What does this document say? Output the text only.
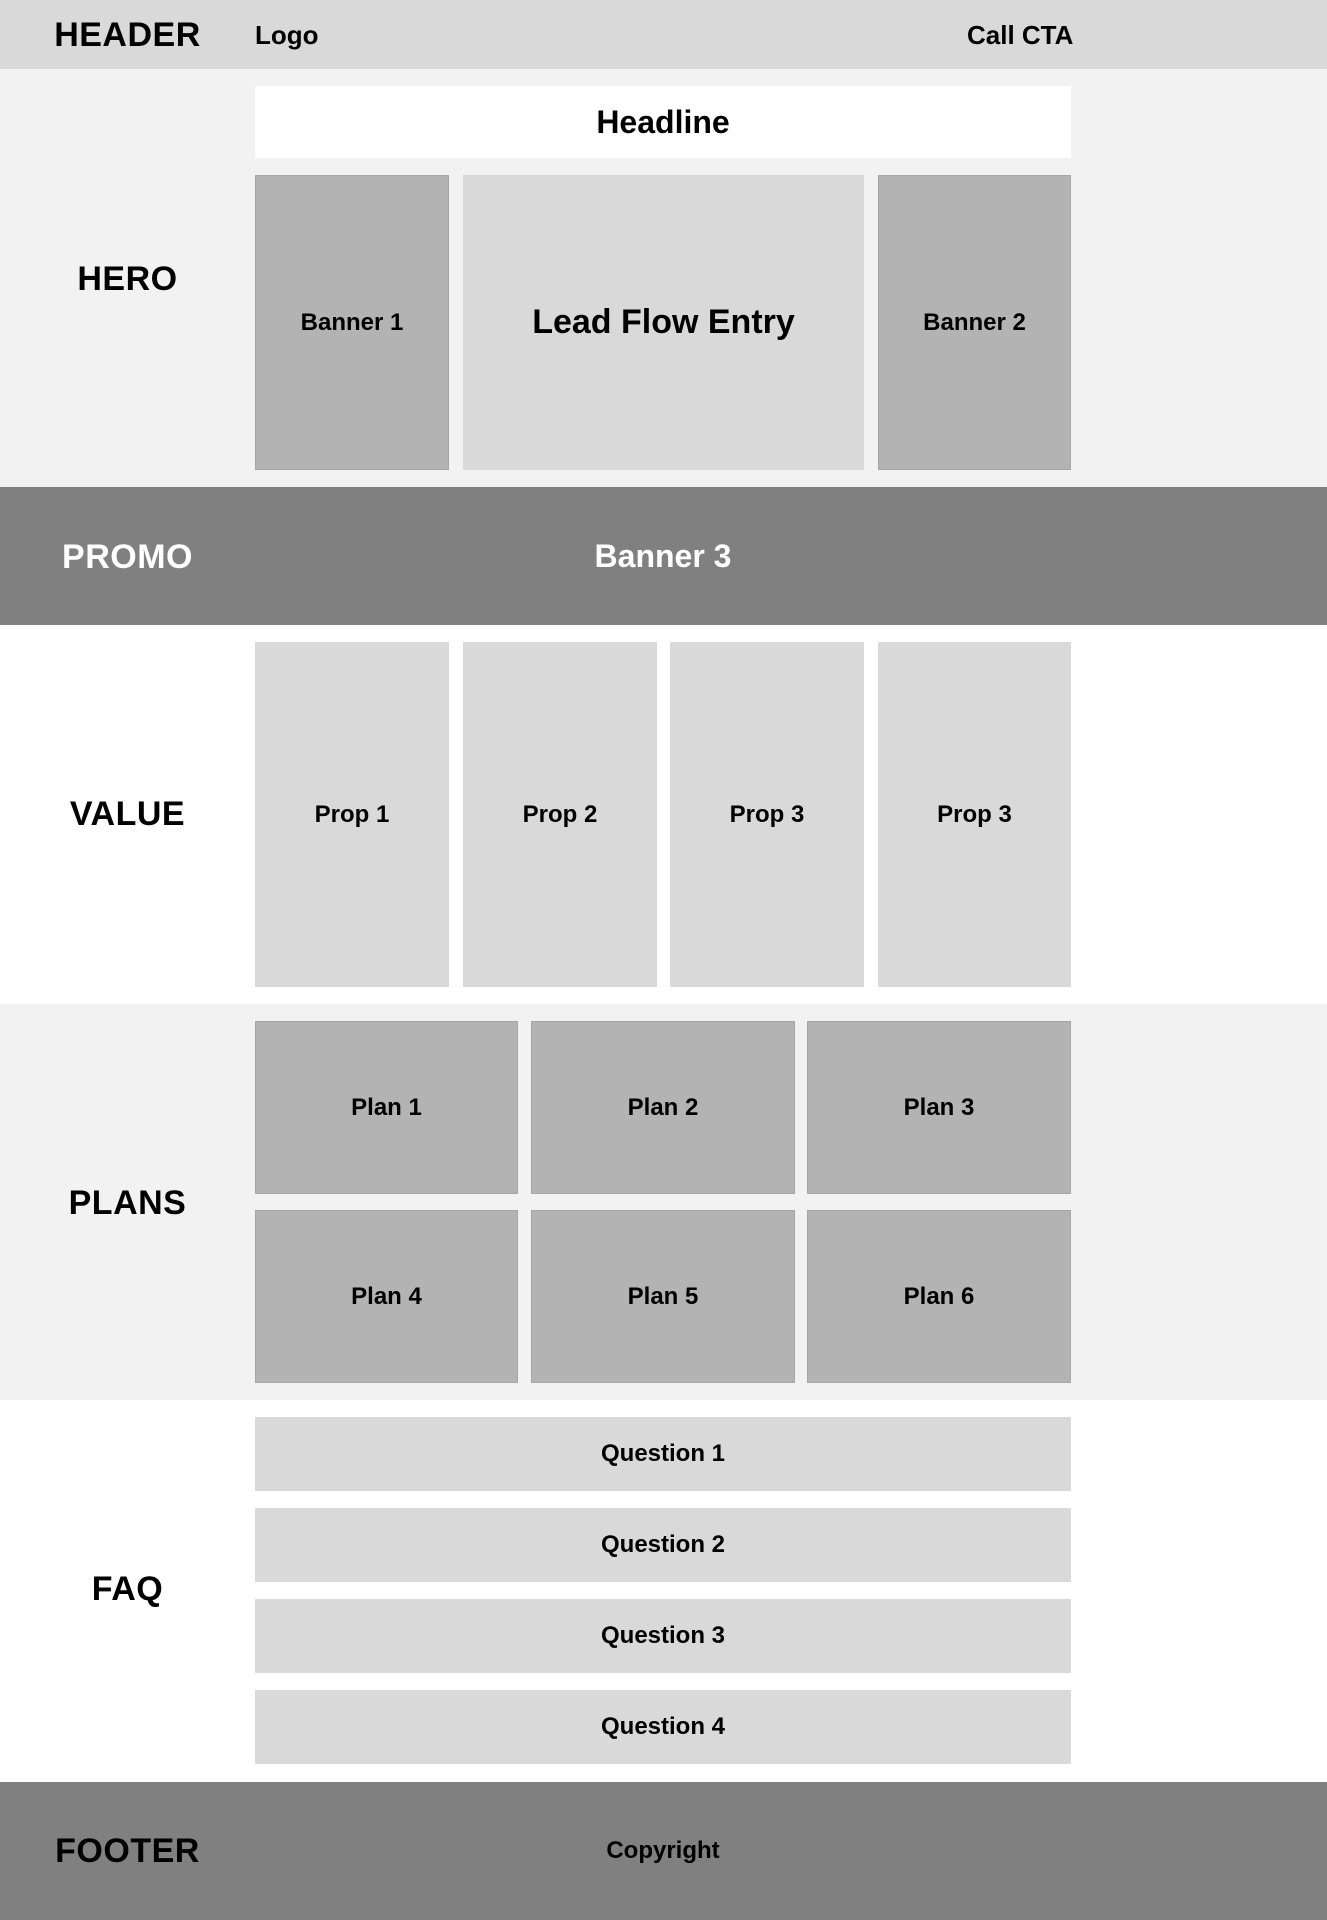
HEADER	Logo	Call CTA
HERO
Headline
Banner 1	Lead Flow Entry	Banner 2
PROMO	Banner 3
VALUE	Prop 1	Prop 2	Prop 3	Prop 3
PLANS
Plan 1	Plan 2	Plan 3
Plan 4	Plan 5	Plan 6
FAQ
Question 1
Question 2
Question 3
Question 4
FOOTER	Copyright
